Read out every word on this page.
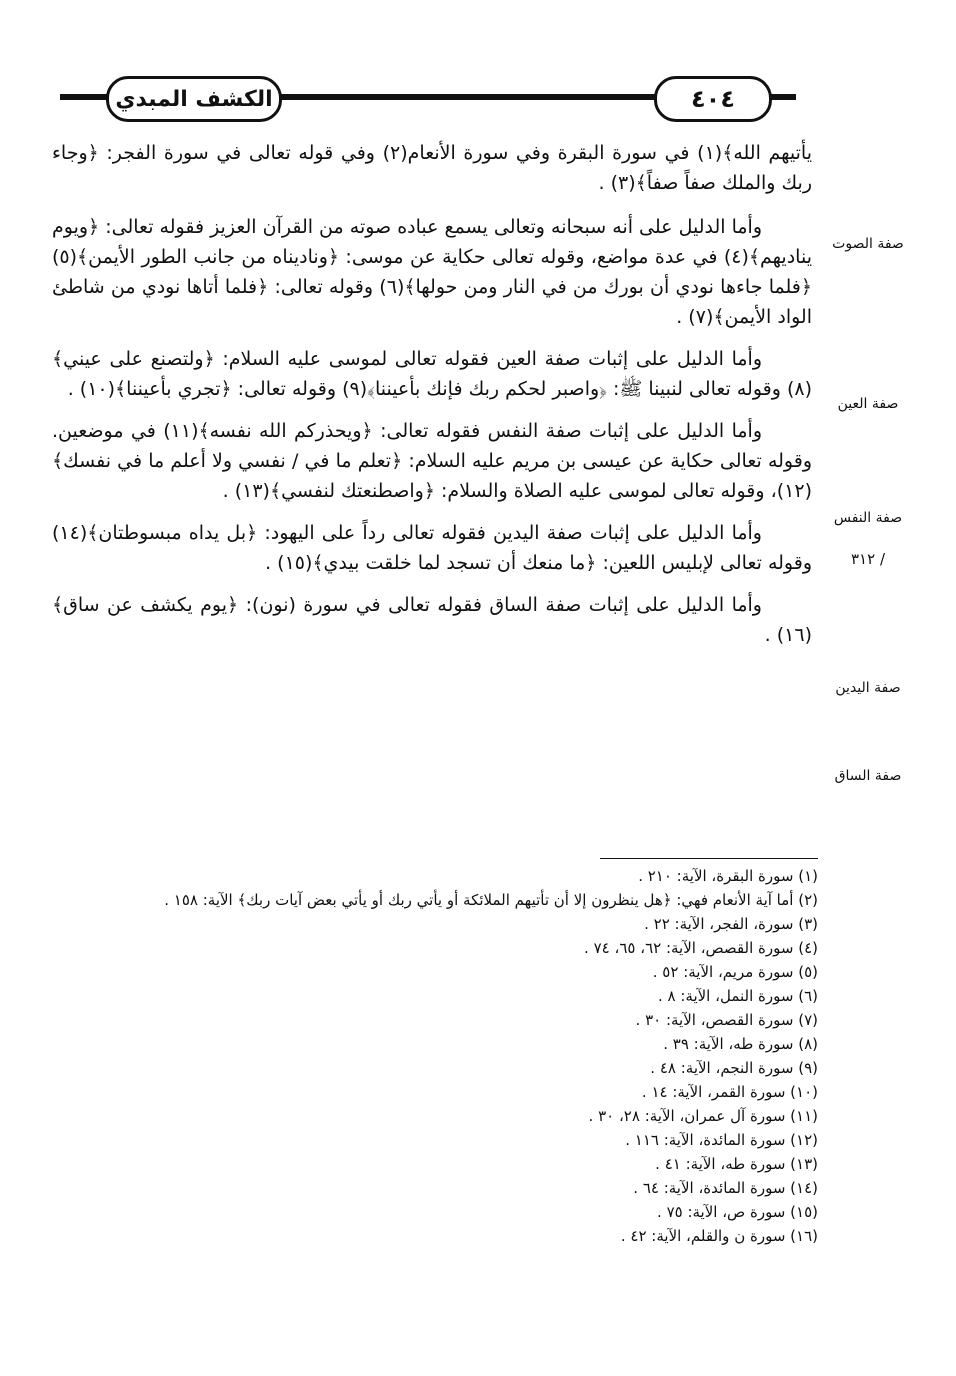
الكشف المبدي	٤٠٤

يأتيهم الله﴾(١) في سورة البقرة وفي سورة الأنعام(٢) وفي قوله تعالى في سورة الفجر: ﴿وجاء ربك والملك صفاً صفاً﴾(٣) .

وأما الدليل على أنه سبحانه وتعالى يسمع عباده صوته من القرآن العزيز فقوله تعالى: ﴿ويوم يناديهم﴾(٤) في عدة مواضع، وقوله تعالى حكاية عن موسى: ﴿وناديناه من جانب الطور الأيمن﴾(٥) ﴿فلما جاءها نودي أن بورك من في النار ومن حولها﴾(٦) وقوله تعالى: ﴿فلما أتاها نودي من شاطئ الواد الأيمن﴾(٧) .

وأما الدليل على إثبات صفة العين فقوله تعالى لموسى عليه السلام: ﴿ولتصنع على عيني﴾(٨) وقوله تعالى لنبينا ﷺ: ﴿واصبر لحكم ربك فإنك بأعيننا﴾(٩) وقوله تعالى: ﴿تجري بأعيننا﴾(١٠) .

وأما الدليل على إثبات صفة النفس فقوله تعالى: ﴿ويحذركم الله نفسه﴾(١١) في موضعين. وقوله تعالى حكاية عن عيسى بن مريم عليه السلام: ﴿تعلم ما في / نفسي ولا أعلم ما في نفسك﴾(١٢)، وقوله تعالى لموسى عليه الصلاة والسلام: ﴿واصطنعتك لنفسي﴾(١٣) .

وأما الدليل على إثبات صفة اليدين فقوله تعالى رداً على اليهود: ﴿بل يداه مبسوطتان﴾(١٤) وقوله تعالى لإبليس اللعين: ﴿ما منعك أن تسجد لما خلقت بيدي﴾(١٥) .

وأما الدليل على إثبات صفة الساق فقوله تعالى في سورة (نون): ﴿يوم يكشف عن ساق﴾(١٦) .

صفة الصوت
صفة العين
صفة النفس
/ ٣١٢
صفة اليدين
صفة الساق
(١) سورة البقرة، الآية: ٢١٠ .
(٢) أما آية الأنعام فهي: ﴿هل ينظرون إلا أن تأتيهم الملائكة أو يأتي ربك أو يأتي بعض آيات ربك﴾ الآية: ١٥٨ .
(٣) سورة، الفجر، الآية: ٢٢ .
(٤) سورة القصص، الآية: ٦٢، ٦٥، ٧٤ .
(٥) سورة مريم، الآية: ٥٢ .
(٦) سورة النمل، الآية: ٨ .
(٧) سورة القصص، الآية: ٣٠ .
(٨) سورة طه، الآية: ٣٩ .
(٩) سورة النجم، الآية: ٤٨ .
(١٠) سورة القمر، الآية: ١٤ .
(١١) سورة آل عمران، الآية: ٢٨، ٣٠ .
(١٢) سورة المائدة، الآية: ١١٦ .
(١٣) سورة طه، الآية: ٤١ .
(١٤) سورة المائدة، الآية: ٦٤ .
(١٥) سورة ص، الآية: ٧٥ .
(١٦) سورة ن والقلم، الآية: ٤٢ .
